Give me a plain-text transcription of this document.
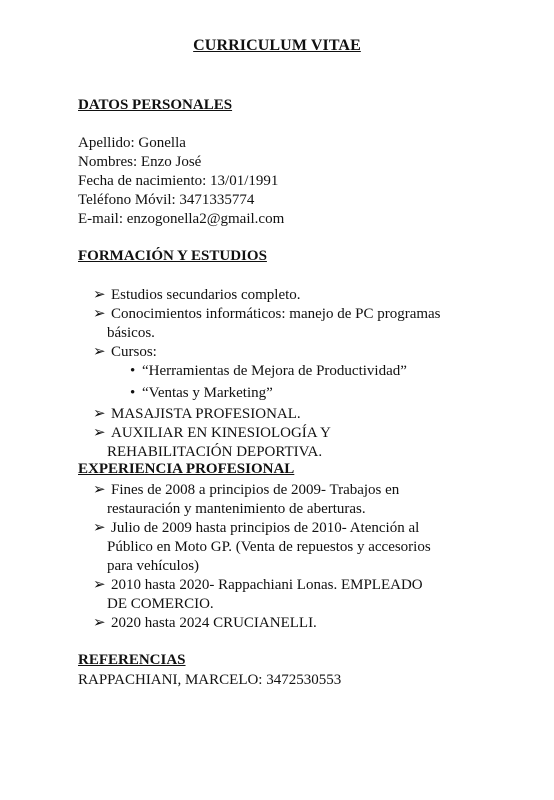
CURRICULUM VITAE
DATOS PERSONALES
Apellido: Gonella
Nombres: Enzo José
Fecha de nacimiento: 13/01/1991
Teléfono Móvil: 3471335774
E-mail: enzogonella2@gmail.com
FORMACIÓN Y ESTUDIOS
➢ Estudios secundarios completo.
➢ Conocimientos informáticos: manejo de PC programas
básicos.
➢ Cursos:
• “Herramientas de Mejora de Productividad”
• “Ventas y Marketing”
➢ MASAJISTA PROFESIONAL.
➢ AUXILIAR EN KINESIOLOGÍA Y
REHABILITACIÓN DEPORTIVA.
EXPERIENCIA PROFESIONAL
➢ Fines de 2008 a principios de 2009- Trabajos en
restauración y mantenimiento de aberturas.
➢ Julio de 2009 hasta principios de 2010- Atención al
Público en Moto GP. (Venta de repuestos y accesorios
para vehículos)
➢ 2010 hasta 2020- Rappachiani Lonas. EMPLEADO
DE COMERCIO.
➢ 2020 hasta 2024 CRUCIANELLI.
REFERENCIAS
RAPPACHIANI, MARCELO: 3472530553
